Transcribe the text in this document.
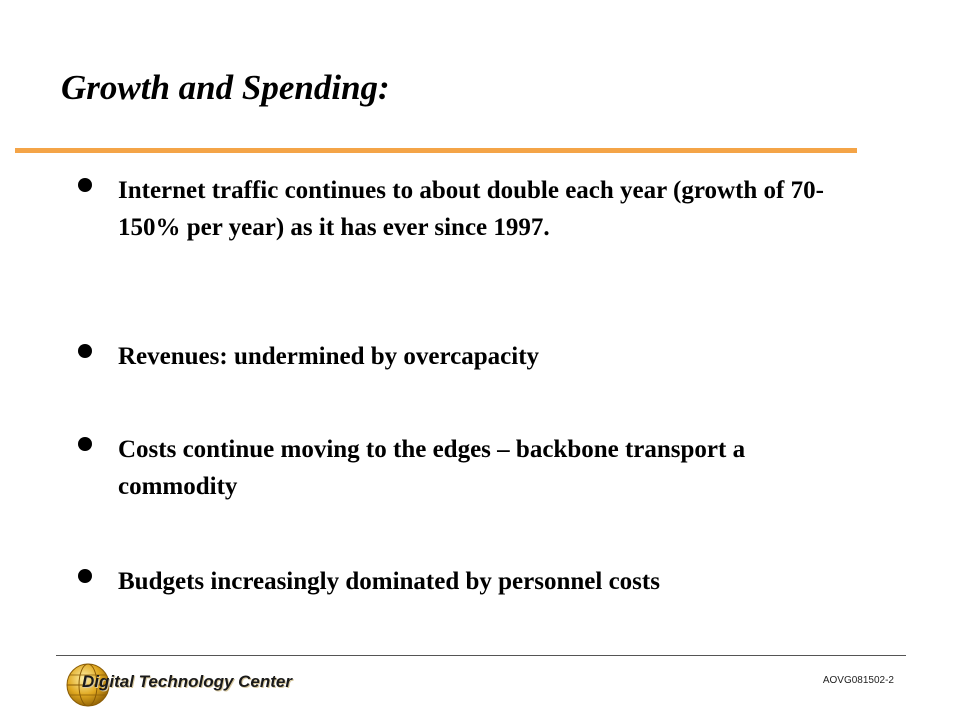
Growth and Spending:
Internet traffic continues to about double each year (growth of 70-150% per year) as it has ever since 1997.
Revenues: undermined by overcapacity
Costs continue moving to the edges – backbone transport a commodity
Budgets increasingly dominated by personnel costs
Digital Technology Center	AOVG081502-2
